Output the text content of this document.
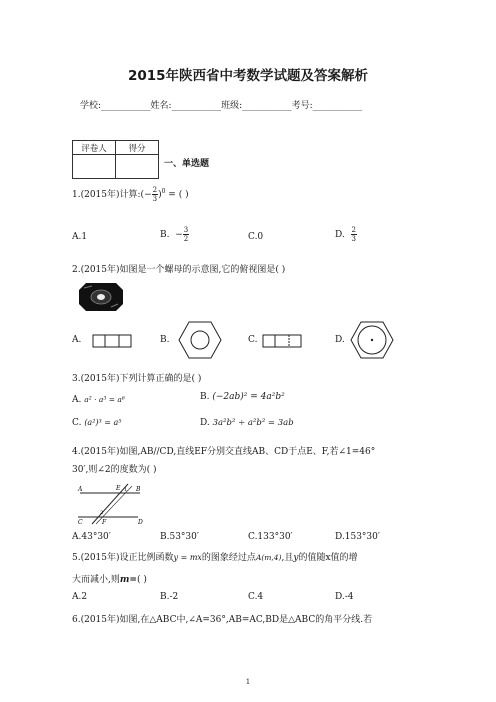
2015年陕西省中考数学试题及答案解析
学校:___________姓名:___________班级:___________考号:___________
评卷人	得分

一、单选题
1.(2015年)计算:(− $\frac{2}{3} )^0$ = ( )
A.1	B. − $\frac{3}{2}$	C.0	D. $\frac{2}{3}$
2.(2015年)如图是一个螺母的示意图,它的俯视图是( )
A.	B.	C.	D.
3.(2015年)下列计算正确的是( )
A. a² · a³ = a⁶	B. (−2ab)² = 4a²b²
C. (a²)³ = a⁵	D. 3a²b² ÷ a²b² = 3ab
4.(2015年)如图,AB//CD,直线EF分别交直线AB、CD于点E、F,若∠1=46°
30′,则∠2的度数为( )
A	E 1 B
2
C	F	D
A.43°30′	B.53°30′	C.133°30′	D.153°30′
5.(2015年)设正比例函数y = mx的图象经过点A(m,4),且y的值随x值的增
大而减小,则m=( )
A.2	B.-2	C.4	D.-4
6.(2015年)如图,在△ABC中,∠A=36°,AB=AC,BD是△ABC的角平分线.若
1
